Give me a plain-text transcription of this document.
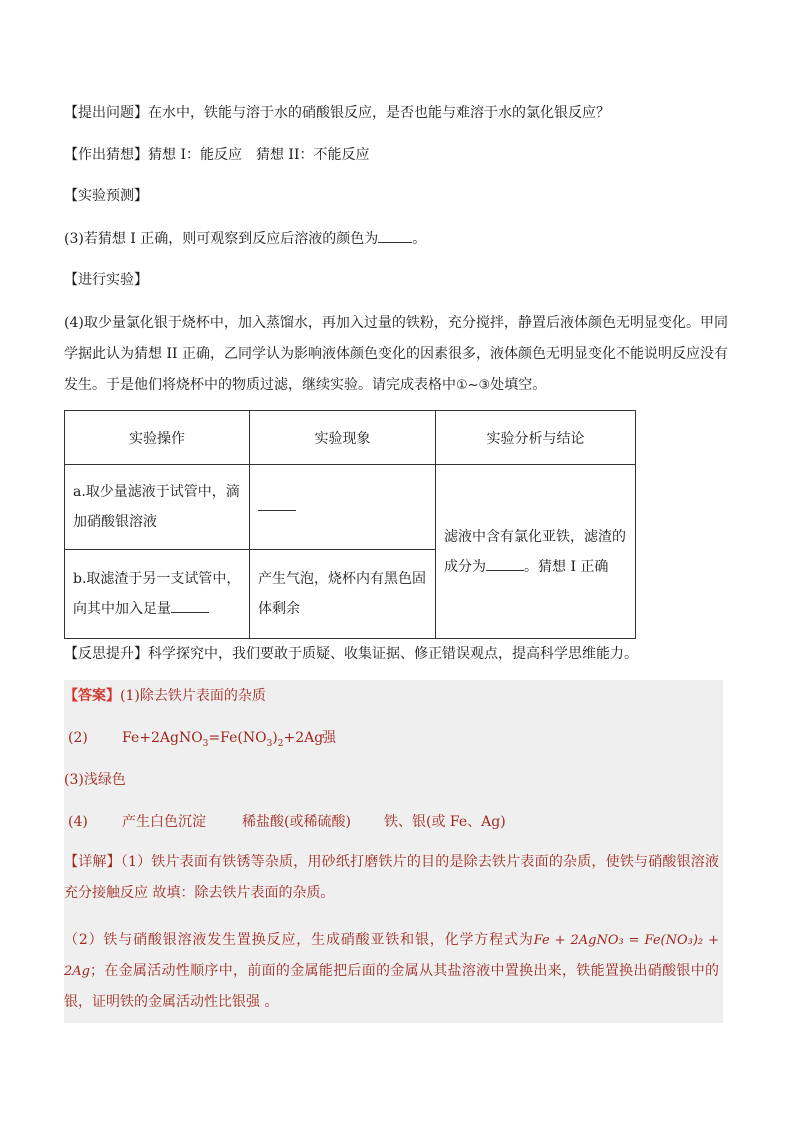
【提出问题】在水中，铁能与溶于水的硝酸银反应，是否也能与难溶于水的氯化银反应？
【作出猜想】猜想 I：能反应　猜想 II：不能反应
【实验预测】
(3)若猜想 I 正确，则可观察到反应后溶液的颜色为 。
【进行实验】
(4)取少量氯化银于烧杯中，加入蒸馏水，再加入过量的铁粉，充分搅拌，静置后液体颜色无明显变化。甲同学据此认为猜想 II 正确，乙同学认为影响液体颜色变化的因素很多，液体颜色无明显变化不能说明反应没有发生。于是他们将烧杯中的物质过滤，继续实验。请完成表格中①~③处填空。
实验操作	实验现象	实验分析与结论
a.取少量滤液于试管中，滴加硝酸银溶液		滤液中含有氯化亚铁，滤渣的成分为 。猜想 I 正确
b.取滤渣于另一支试管中，向其中加入足量	产生气泡，烧杯内有黑色固体剩余	
【反思提升】科学探究中，我们要敢于质疑、收集证据、修正错误观点，提高科学思维能力。
【答案】(1)除去铁片表面的杂质
(2) $Fe+2AgNO_3=Fe(NO_3)_2+2Ag$
强
(3)浅绿色
(4) 产生白色沉淀	稀盐酸(或稀硫酸) 铁、银(或 Fe、Ag)
【详解】（1）铁片表面有铁锈等杂质，用砂纸打磨铁片的目的是除去铁片表面的杂质，使铁与硝酸银溶液充分接触反应 故填：除去铁片表面的杂质。
（2）铁与硝酸银溶液发生置换反应，生成硝酸亚铁和银，化学方程式为Fe + 2AgNO₃ = Fe(NO₃)₂ + 2Ag；在金属活动性顺序中，前面的金属能把后面的金属从其盐溶液中置换出来，铁能置换出硝酸银中的银，证明铁的金属活动性比银强 。
